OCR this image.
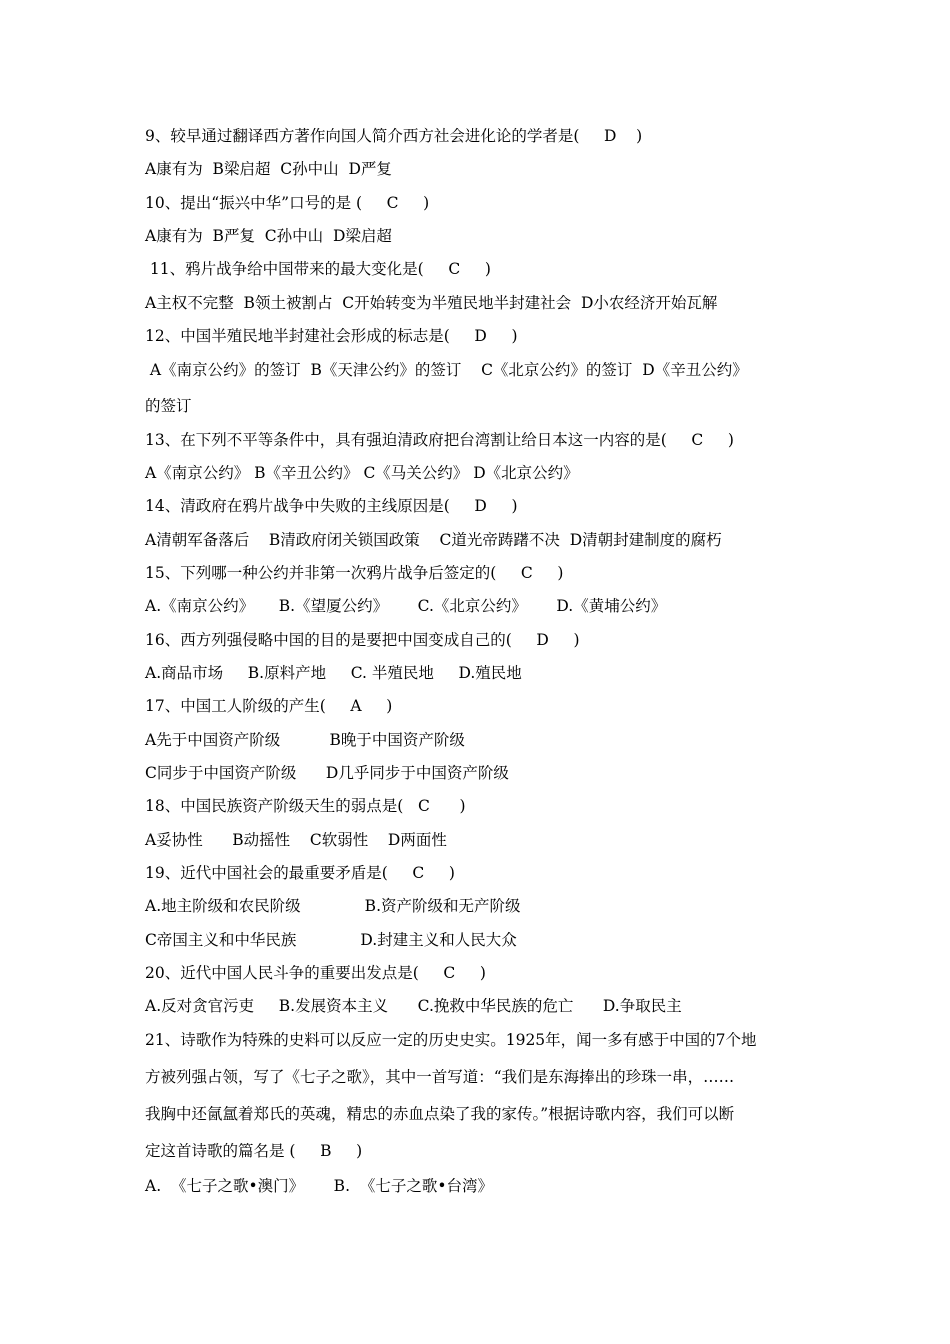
9、较早通过翻译西方著作向国人简介西方社会进化论的学者是(     D    )
A康有为  B梁启超  C孙中山  D严复
10、提出“振兴中华”口号的是 (     C     )
A康有为  B严复  C孙中山  D梁启超
11、鸦片战争给中国带来的最大变化是(     C     )
A主权不完整  B领土被割占  C开始转变为半殖民地半封建社会  D小农经济开始瓦解
12、中国半殖民地半封建社会形成的标志是(     D     )
A《南京公约》的签订  B《天津公约》的签订    C《北京公约》的签订  D《辛丑公约》
的签订
13、在下列不平等条件中，具有强迫清政府把台湾割让给日本这一内容的是(     C     )
A《南京公约》 B《辛丑公约》 C《马关公约》 D《北京公约》
14、清政府在鸦片战争中失败的主线原因是(     D     )
A清朝军备落后    B清政府闭关锁国政策    C道光帝踌躇不决  D清朝封建制度的腐朽
15、下列哪一种公约并非第一次鸦片战争后签定的(     C     )
A.《南京公约》     B.《望厦公约》      C.《北京公约》      D.《黄埔公约》
16、西方列强侵略中国的目的是要把中国变成自己的(     D     )
A.商品市场     B.原料产地     C. 半殖民地     D.殖民地
17、中国工人阶级的产生(     A     )
A先于中国资产阶级          B晚于中国资产阶级
C同步于中国资产阶级      D几乎同步于中国资产阶级
18、中国民族资产阶级天生的弱点是(   C      )
A妥协性      B动摇性    C软弱性    D两面性
19、近代中国社会的最重要矛盾是(     C     )
A.地主阶级和农民阶级             B.资产阶级和无产阶级
C帝国主义和中华民族             D.封建主义和人民大众
20、近代中国人民斗争的重要出发点是(     C     )
A.反对贪官污吏     B.发展资本主义      C.挽救中华民族的危亡      D.争取民主
21、诗歌作为特殊的史料可以反应一定的历史史实。1925年，闻一多有感于中国的7个地
方被列强占领，写了《七子之歌》，其中一首写道：“我们是东海捧出的珍珠一串，……
我胸中还氤氲着郑氏的英魂，精忠的赤血点染了我的家传。”根据诗歌内容，我们可以断
定这首诗歌的篇名是 (     B     )
A.  《七子之歌•澳门》      B.  《七子之歌•台湾》
